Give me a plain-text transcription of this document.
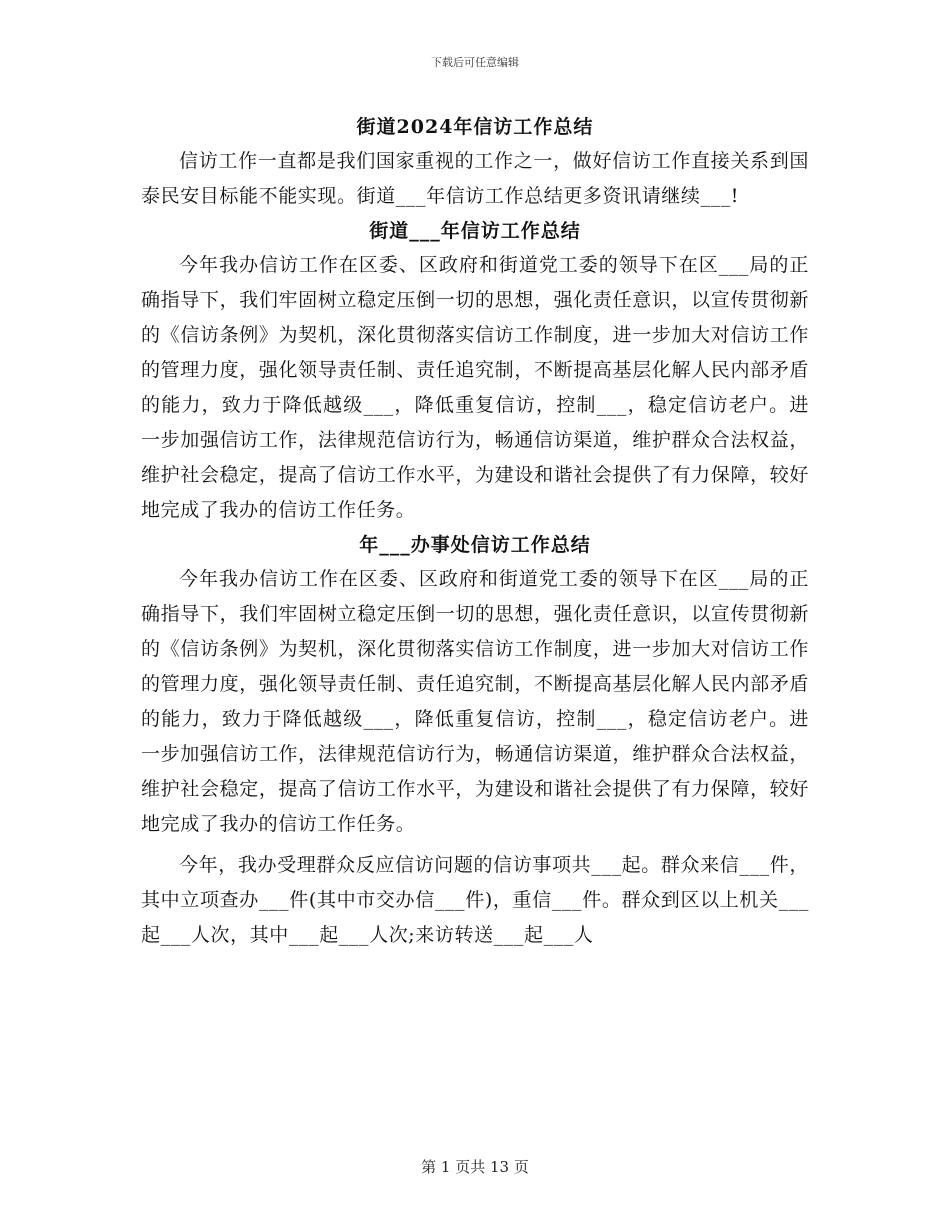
下载后可任意编辑
街道2024年信访工作总结

信访工作一直都是我们国家重视的工作之一，做好信访工作直接关系到国泰民安目标能不能实现。街道___年信访工作总结更多资讯请继续___!

街道___年信访工作总结

今年我办信访工作在区委、区政府和街道党工委的领导下在区___局的正确指导下，我们牢固树立稳定压倒一切的思想，强化责任意识，以宣传贯彻新的《信访条例》为契机，深化贯彻落实信访工作制度，进一步加大对信访工作的管理力度，强化领导责任制、责任追究制，不断提高基层化解人民内部矛盾的能力，致力于降低越级___，降低重复信访，控制___，稳定信访老户。进一步加强信访工作，法律规范信访行为，畅通信访渠道，维护群众合法权益，维护社会稳定，提高了信访工作水平，为建设和谐社会提供了有力保障，较好地完成了我办的信访工作任务。

年___办事处信访工作总结

今年我办信访工作在区委、区政府和街道党工委的领导下在区___局的正确指导下，我们牢固树立稳定压倒一切的思想，强化责任意识，以宣传贯彻新的《信访条例》为契机，深化贯彻落实信访工作制度，进一步加大对信访工作的管理力度，强化领导责任制、责任追究制，不断提高基层化解人民内部矛盾的能力，致力于降低越级___，降低重复信访，控制___，稳定信访老户。进一步加强信访工作，法律规范信访行为，畅通信访渠道，维护群众合法权益，维护社会稳定，提高了信访工作水平，为建设和谐社会提供了有力保障，较好地完成了我办的信访工作任务。

今年，我办受理群众反应信访问题的信访事项共___起。群众来信___件，其中立项查办___件(其中市交办信___件)，重信___件。群众到区以上机关___起___人次，其中___起___人次;来访转送___起___人

第 1 页共 13 页
